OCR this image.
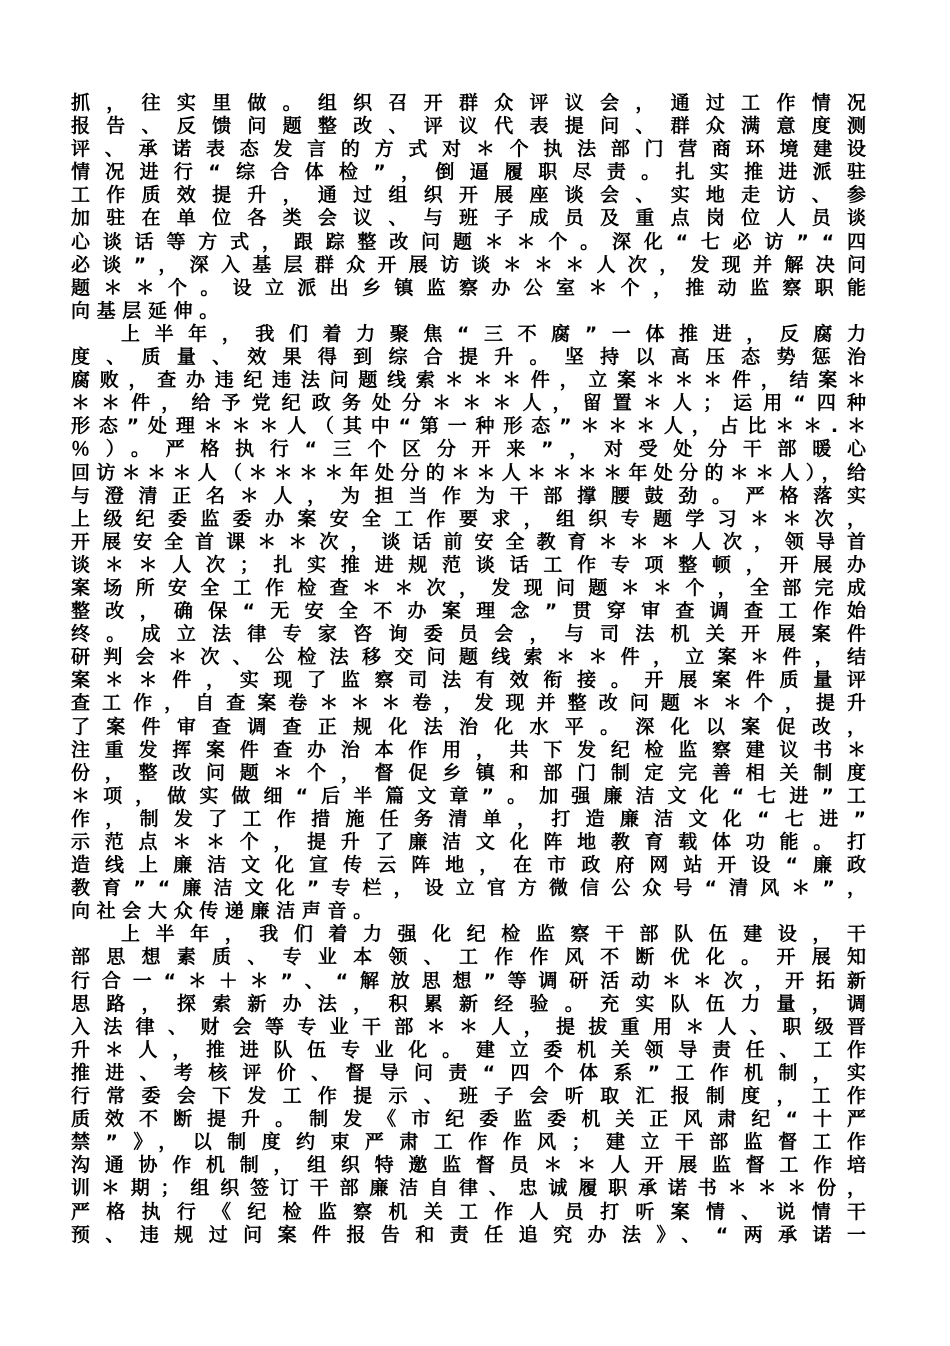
抓，往实里做。组织召开群众评议会，通过工作情况
报告、反馈问题整改、评议代表提问、群众满意度测
评、承诺表态发言的方式对＊个执法部门营商环境建设
情况进行“综合体检”，倒逼履职尽责。扎实推进派驻
工作质效提升，通过组织开展座谈会、实地走访、参
加驻在单位各类会议、与班子成员及重点岗位人员谈
心谈话等方式，跟踪整改问题＊＊个。深化“七必访”“四
必谈”，深入基层群众开展访谈＊＊＊人次，发现并解决问
题＊＊个。设立派出乡镇监察办公室＊个，推动监察职能
向基层延伸。
上半年，我们着力聚焦“三不腐”一体推进，反腐力
度、质量、效果得到综合提升。坚持以高压态势惩治
腐败，查办违纪违法问题线索＊＊＊件，立案＊＊＊件，结案＊
＊＊件，给予党纪政务处分＊＊＊人，留置＊人；运用“四种
形态”处理＊＊＊人（其中“第一种形态”＊＊＊人，占比＊＊.＊
％）。严格执行“三个区分开来”，对受处分干部暖心
回访＊＊＊人（＊＊＊＊年处分的＊＊人＊＊＊＊年处分的＊＊人），给
与澄清正名＊人，为担当作为干部撑腰鼓劲。严格落实
上级纪委监委办案安全工作要求，组织专题学习＊＊次，
开展安全首课＊＊次，谈话前安全教育＊＊＊人次，领导首
谈＊＊人次；扎实推进规范谈话工作专项整顿，开展办
案场所安全工作检查＊＊次，发现问题＊＊个，全部完成
整改，确保“无安全不办案理念”贯穿审查调查工作始
终。成立法律专家咨询委员会，与司法机关开展案件
研判会＊次、公检法移交问题线索＊＊件，立案＊件，结
案＊＊件，实现了监察司法有效衔接。开展案件质量评
查工作，自查案卷＊＊＊卷，发现并整改问题＊＊个，提升
了案件审查调查正规化法治化水平。深化以案促改，
注重发挥案件查办治本作用，共下发纪检监察建议书＊
份，整改问题＊个，督促乡镇和部门制定完善相关制度
＊项，做实做细“后半篇文章”。加强廉洁文化“七进”工
作，制发了工作措施任务清单，打造廉洁文化“七进”
示范点＊＊个，提升了廉洁文化阵地教育载体功能。打
造线上廉洁文化宣传云阵地，在市政府网站开设“廉政
教育”“廉洁文化”专栏，设立官方微信公众号“清风＊”，
向社会大众传递廉洁声音。
上半年，我们着力强化纪检监察干部队伍建设，干
部思想素质、专业本领、工作作风不断优化。开展知
行合一“＊＋＊”、“解放思想”等调研活动＊＊次，开拓新
思路，探索新办法，积累新经验。充实队伍力量，调
入法律、财会等专业干部＊＊人，提拔重用＊人、职级晋
升＊人，推进队伍专业化。建立委机关领导责任、工作
推进、考核评价、督导问责“四个体系”工作机制，实
行常委会下发工作提示、班子会听取汇报制度，工作
质效不断提升。制发《市纪委监委机关正风肃纪“十严
禁”》，以制度约束严肃工作作风；建立干部监督工作
沟通协作机制，组织特邀监督员＊＊人开展监督工作培
训＊期；组织签订干部廉洁自律、忠诚履职承诺书＊＊＊份，
严格执行《纪检监察机关工作人员打听案情、说情干
预、违规过问案件报告和责任追究办法》、“两承诺一
